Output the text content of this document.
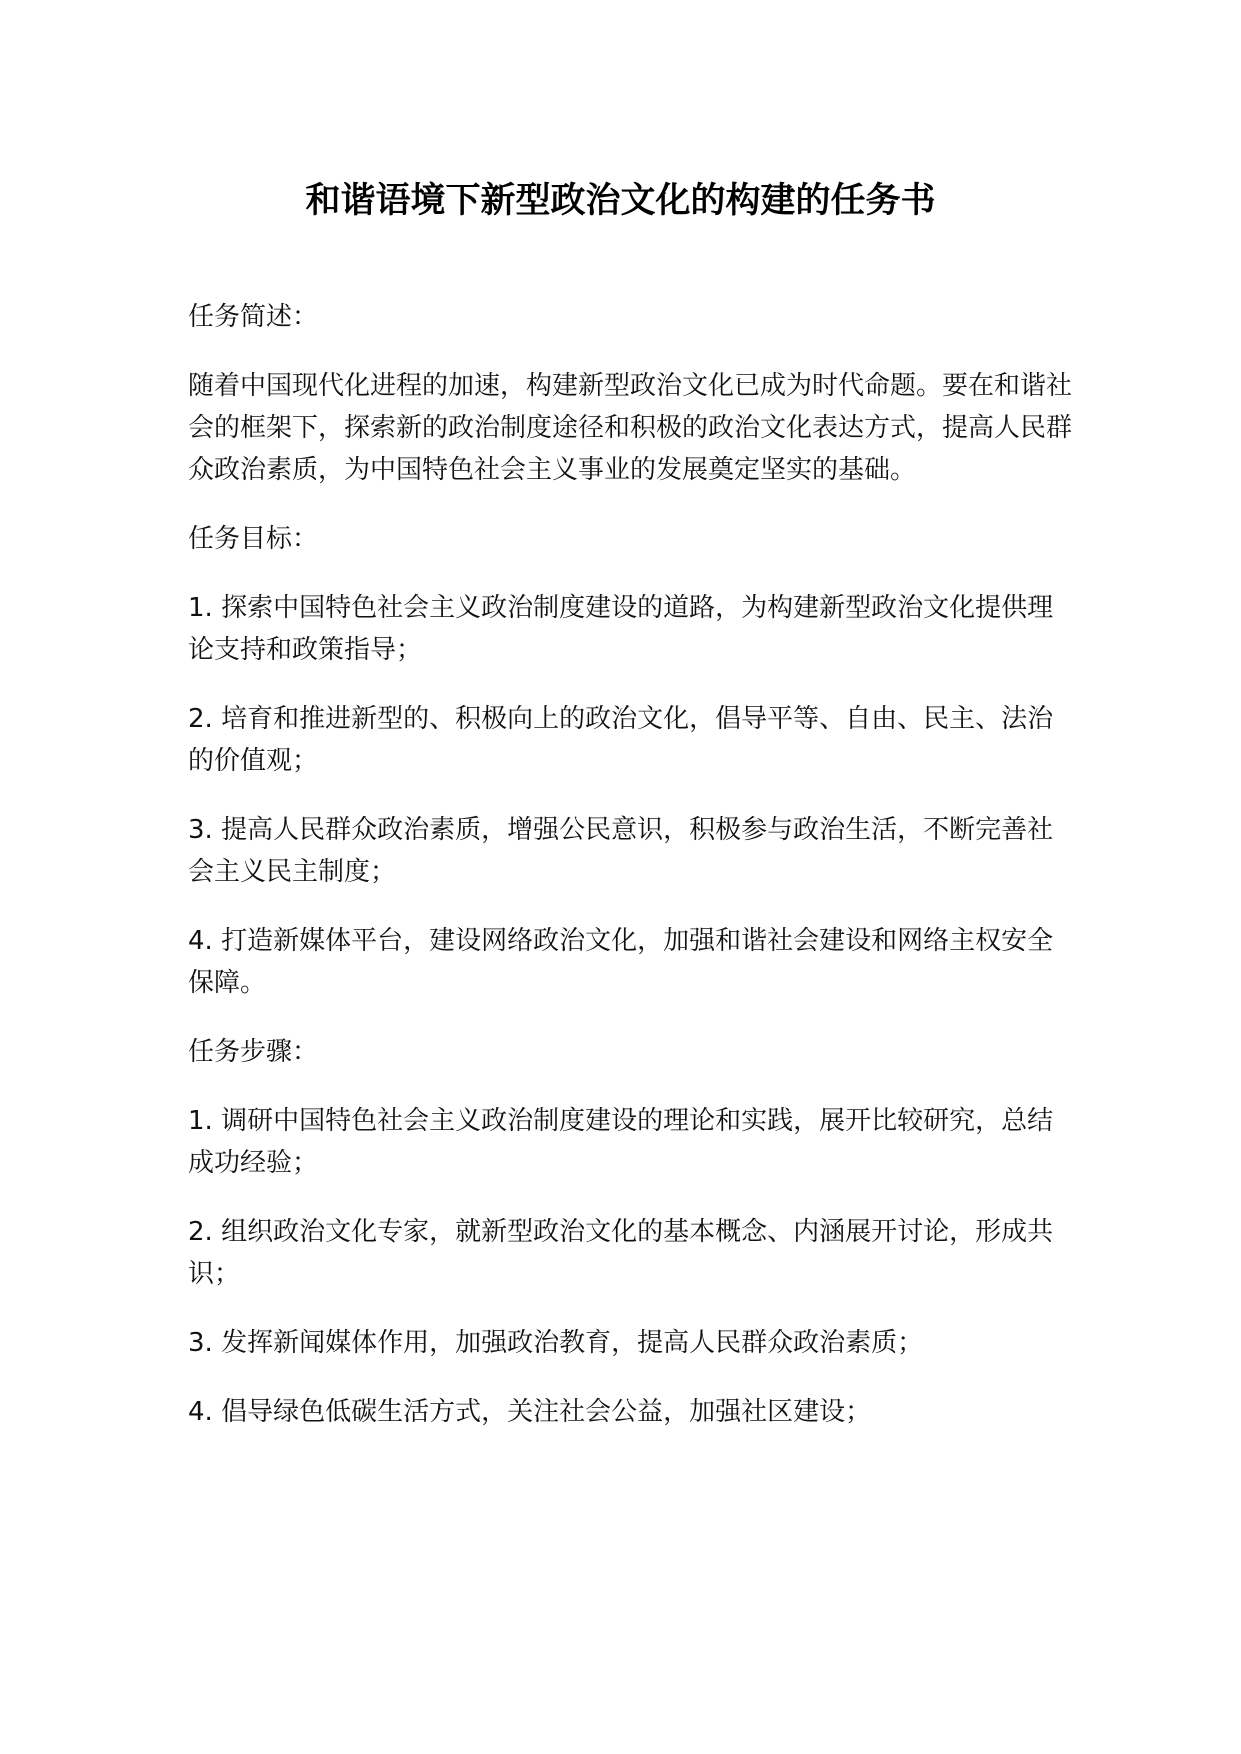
和谐语境下新型政治文化的构建的任务书
任务简述：
随着中国现代化进程的加速，构建新型政治文化已成为时代命题。要在和谐社会的框架下，探索新的政治制度途径和积极的政治文化表达方式，提高人民群众政治素质，为中国特色社会主义事业的发展奠定坚实的基础。
任务目标：
1. 探索中国特色社会主义政治制度建设的道路，为构建新型政治文化提供理论支持和政策指导；
2. 培育和推进新型的、积极向上的政治文化，倡导平等、自由、民主、法治的价值观；
3. 提高人民群众政治素质，增强公民意识，积极参与政治生活，不断完善社会主义民主制度；
4. 打造新媒体平台，建设网络政治文化，加强和谐社会建设和网络主权安全保障。
任务步骤：
1. 调研中国特色社会主义政治制度建设的理论和实践，展开比较研究，总结成功经验；
2. 组织政治文化专家，就新型政治文化的基本概念、内涵展开讨论，形成共识；
3. 发挥新闻媒体作用，加强政治教育，提高人民群众政治素质；
4. 倡导绿色低碳生活方式，关注社会公益，加强社区建设；
